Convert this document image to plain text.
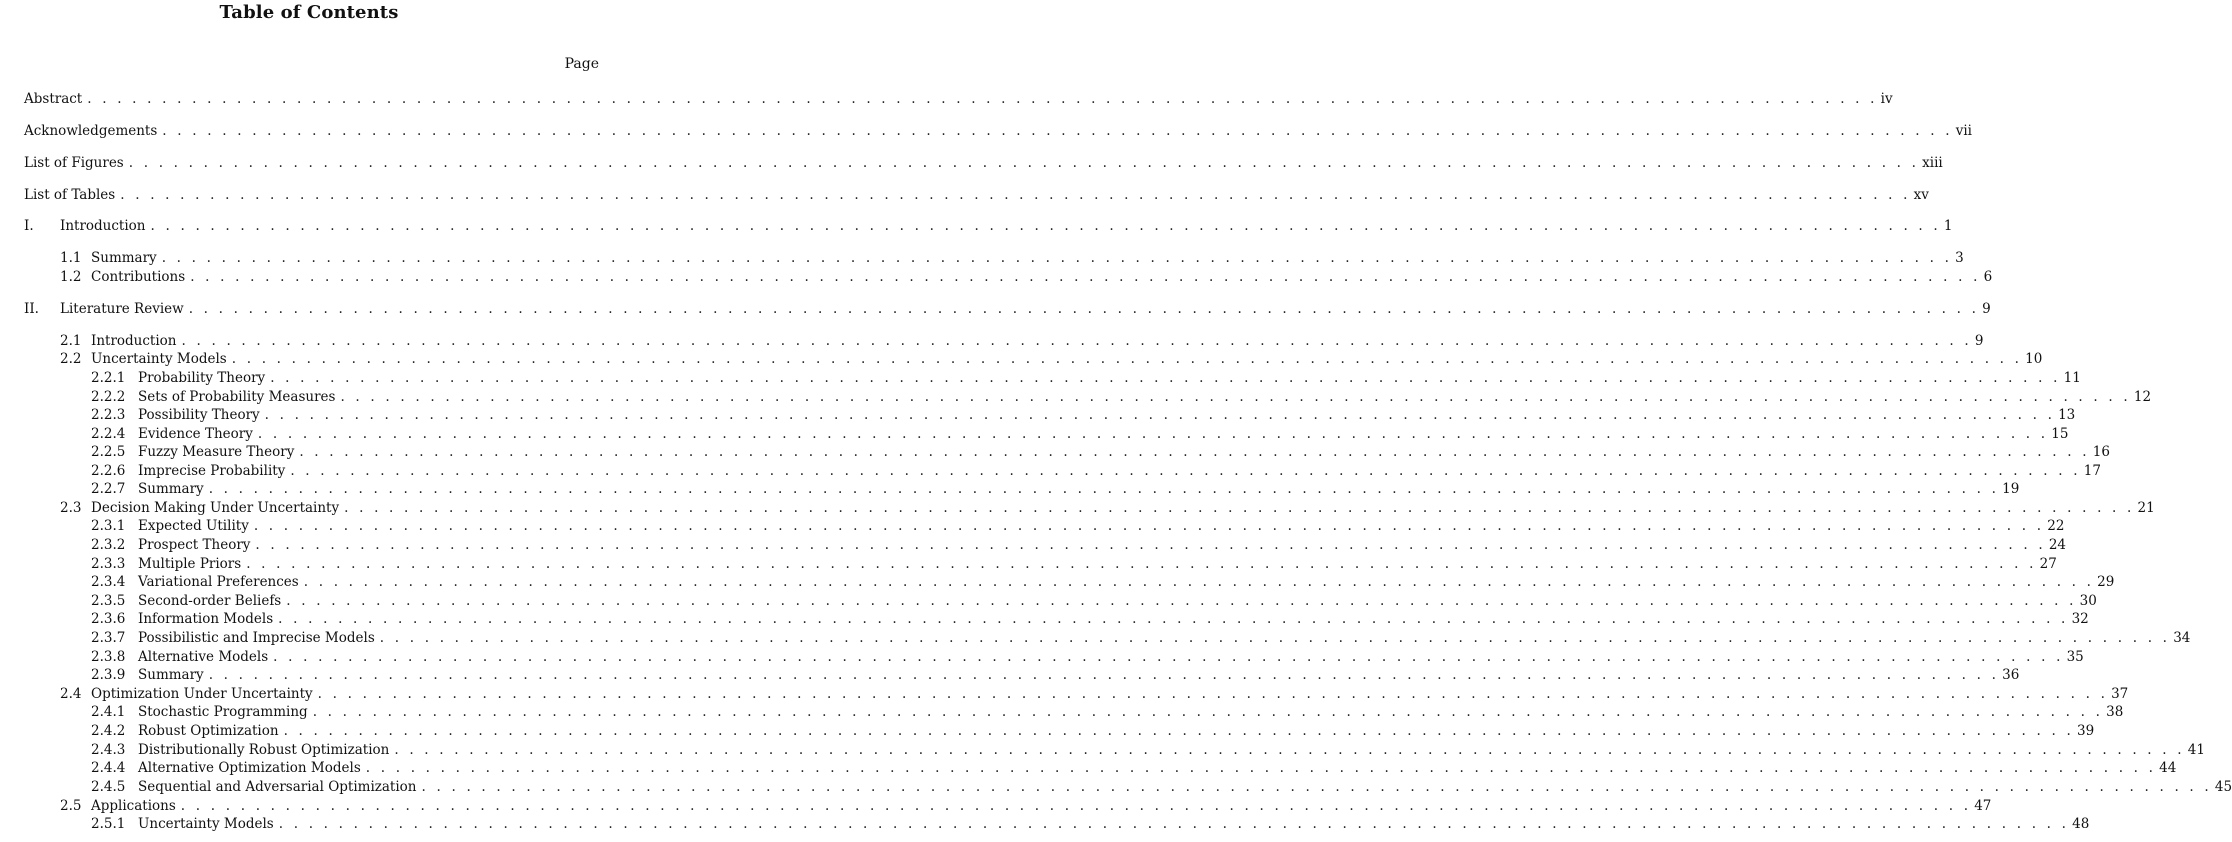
Table of Contents
Page
Abstract . . . . . . . . . . . . . . . . . . . . . . . . . . . . . . . . . . . . . . . . . . . . . . . . . . . . . . . . . . . . . . . . . . . . . . . . . . . . . . . . . . . . . . . . . . . . . . . . . . . . . . . . . . . . . . . . . . . . . . . . iv
Acknowledgements . . . . . . . . . . . . . . . . . . . . . . . . . . . . . . . . . . . . . . . . . . . . . . . . . . . . . . . . . . . . . . . . . . . . . . . . . . . . . . . . . . . . . . . . . . . . . . . . . . . . . . . . . . . . . . . . . . . . . . . . vii
List of Figures . . . . . . . . . . . . . . . . . . . . . . . . . . . . . . . . . . . . . . . . . . . . . . . . . . . . . . . . . . . . . . . . . . . . . . . . . . . . . . . . . . . . . . . . . . . . . . . . . . . . . . . . . . . . . . . . . . . . . . . . xiii
List of Tables . . . . . . . . . . . . . . . . . . . . . . . . . . . . . . . . . . . . . . . . . . . . . . . . . . . . . . . . . . . . . . . . . . . . . . . . . . . . . . . . . . . . . . . . . . . . . . . . . . . . . . . . . . . . . . . . . . . . . . . . xv
I. Introduction . . . . . . . . . . . . . . . . . . . . . . . . . . . . . . . . . . . . . . . . . . . . . . . . . . . . . . . . . . . . . . . . . . . . . . . . . . . . . . . . . . . . . . . . . . . . . . . . . . . . . . . . . . . . . . . . . . . . . . . . 1
1.1 Summary . . . . . . . . . . . . . . . . . . . . . . . . . . . . . . . . . . . . . . . . . . . . . . . . . . . . . . . . . . . . . . . . . . . . . . . . . . . . . . . . . . . . . . . . . . . . . . . . . . . . . . . . . . . . . . . . . . . . . . . . 3
1.2 Contributions . . . . . . . . . . . . . . . . . . . . . . . . . . . . . . . . . . . . . . . . . . . . . . . . . . . . . . . . . . . . . . . . . . . . . . . . . . . . . . . . . . . . . . . . . . . . . . . . . . . . . . . . . . . . . . . . . . . . . . . . 6
II. Literature Review . . . . . . . . . . . . . . . . . . . . . . . . . . . . . . . . . . . . . . . . . . . . . . . . . . . . . . . . . . . . . . . . . . . . . . . . . . . . . . . . . . . . . . . . . . . . . . . . . . . . . . . . . . . . . . . . . . . . . . . . 9
2.1 Introduction . . . . . . . . . . . . . . . . . . . . . . . . . . . . . . . . . . . . . . . . . . . . . . . . . . . . . . . . . . . . . . . . . . . . . . . . . . . . . . . . . . . . . . . . . . . . . . . . . . . . . . . . . . . . . . . . . . . . . . . . 9
2.2 Uncertainty Models . . . . . . . . . . . . . . . . . . . . . . . . . . . . . . . . . . . . . . . . . . . . . . . . . . . . . . . . . . . . . . . . . . . . . . . . . . . . . . . . . . . . . . . . . . . . . . . . . . . . . . . . . . . . . . . . . . . . . . . . 10
2.2.1 Probability Theory . . . . . . . . . . . . . . . . . . . . . . . . . . . . . . . . . . . . . . . . . . . . . . . . . . . . . . . . . . . . . . . . . . . . . . . . . . . . . . . . . . . . . . . . . . . . . . . . . . . . . . . . . . . . . . . . . . . . . . . . 11
2.2.2 Sets of Probability Measures . . . . . . . . . . . . . . . . . . . . . . . . . . . . . . . . . . . . . . . . . . . . . . . . . . . . . . . . . . . . . . . . . . . . . . . . . . . . . . . . . . . . . . . . . . . . . . . . . . . . . . . . . . . . . . . . . . . . . . . . 12
2.2.3 Possibility Theory . . . . . . . . . . . . . . . . . . . . . . . . . . . . . . . . . . . . . . . . . . . . . . . . . . . . . . . . . . . . . . . . . . . . . . . . . . . . . . . . . . . . . . . . . . . . . . . . . . . . . . . . . . . . . . . . . . . . . . . . 13
2.2.4 Evidence Theory . . . . . . . . . . . . . . . . . . . . . . . . . . . . . . . . . . . . . . . . . . . . . . . . . . . . . . . . . . . . . . . . . . . . . . . . . . . . . . . . . . . . . . . . . . . . . . . . . . . . . . . . . . . . . . . . . . . . . . . . 15
2.2.5 Fuzzy Measure Theory . . . . . . . . . . . . . . . . . . . . . . . . . . . . . . . . . . . . . . . . . . . . . . . . . . . . . . . . . . . . . . . . . . . . . . . . . . . . . . . . . . . . . . . . . . . . . . . . . . . . . . . . . . . . . . . . . . . . . . . . 16
2.2.6 Imprecise Probability . . . . . . . . . . . . . . . . . . . . . . . . . . . . . . . . . . . . . . . . . . . . . . . . . . . . . . . . . . . . . . . . . . . . . . . . . . . . . . . . . . . . . . . . . . . . . . . . . . . . . . . . . . . . . . . . . . . . . . . . 17
2.2.7 Summary . . . . . . . . . . . . . . . . . . . . . . . . . . . . . . . . . . . . . . . . . . . . . . . . . . . . . . . . . . . . . . . . . . . . . . . . . . . . . . . . . . . . . . . . . . . . . . . . . . . . . . . . . . . . . . . . . . . . . . . . 19
2.3 Decision Making Under Uncertainty . . . . . . . . . . . . . . . . . . . . . . . . . . . . . . . . . . . . . . . . . . . . . . . . . . . . . . . . . . . . . . . . . . . . . . . . . . . . . . . . . . . . . . . . . . . . . . . . . . . . . . . . . . . . . . . . . . . . . . . . 21
2.3.1 Expected Utility . . . . . . . . . . . . . . . . . . . . . . . . . . . . . . . . . . . . . . . . . . . . . . . . . . . . . . . . . . . . . . . . . . . . . . . . . . . . . . . . . . . . . . . . . . . . . . . . . . . . . . . . . . . . . . . . . . . . . . . . 22
2.3.2 Prospect Theory . . . . . . . . . . . . . . . . . . . . . . . . . . . . . . . . . . . . . . . . . . . . . . . . . . . . . . . . . . . . . . . . . . . . . . . . . . . . . . . . . . . . . . . . . . . . . . . . . . . . . . . . . . . . . . . . . . . . . . . . 24
2.3.3 Multiple Priors . . . . . . . . . . . . . . . . . . . . . . . . . . . . . . . . . . . . . . . . . . . . . . . . . . . . . . . . . . . . . . . . . . . . . . . . . . . . . . . . . . . . . . . . . . . . . . . . . . . . . . . . . . . . . . . . . . . . . . . . 27
2.3.4 Variational Preferences . . . . . . . . . . . . . . . . . . . . . . . . . . . . . . . . . . . . . . . . . . . . . . . . . . . . . . . . . . . . . . . . . . . . . . . . . . . . . . . . . . . . . . . . . . . . . . . . . . . . . . . . . . . . . . . . . . . . . . . . 29
2.3.5 Second-order Beliefs . . . . . . . . . . . . . . . . . . . . . . . . . . . . . . . . . . . . . . . . . . . . . . . . . . . . . . . . . . . . . . . . . . . . . . . . . . . . . . . . . . . . . . . . . . . . . . . . . . . . . . . . . . . . . . . . . . . . . . . . 30
2.3.6 Information Models . . . . . . . . . . . . . . . . . . . . . . . . . . . . . . . . . . . . . . . . . . . . . . . . . . . . . . . . . . . . . . . . . . . . . . . . . . . . . . . . . . . . . . . . . . . . . . . . . . . . . . . . . . . . . . . . . . . . . . . . 32
2.3.7 Possibilistic and Imprecise Models . . . . . . . . . . . . . . . . . . . . . . . . . . . . . . . . . . . . . . . . . . . . . . . . . . . . . . . . . . . . . . . . . . . . . . . . . . . . . . . . . . . . . . . . . . . . . . . . . . . . . . . . . . . . . . . . . . . . . . . . 34
2.3.8 Alternative Models . . . . . . . . . . . . . . . . . . . . . . . . . . . . . . . . . . . . . . . . . . . . . . . . . . . . . . . . . . . . . . . . . . . . . . . . . . . . . . . . . . . . . . . . . . . . . . . . . . . . . . . . . . . . . . . . . . . . . . . . 35
2.3.9 Summary . . . . . . . . . . . . . . . . . . . . . . . . . . . . . . . . . . . . . . . . . . . . . . . . . . . . . . . . . . . . . . . . . . . . . . . . . . . . . . . . . . . . . . . . . . . . . . . . . . . . . . . . . . . . . . . . . . . . . . . . 36
2.4 Optimization Under Uncertainty . . . . . . . . . . . . . . . . . . . . . . . . . . . . . . . . . . . . . . . . . . . . . . . . . . . . . . . . . . . . . . . . . . . . . . . . . . . . . . . . . . . . . . . . . . . . . . . . . . . . . . . . . . . . . . . . . . . . . . . . 37
2.4.1 Stochastic Programming . . . . . . . . . . . . . . . . . . . . . . . . . . . . . . . . . . . . . . . . . . . . . . . . . . . . . . . . . . . . . . . . . . . . . . . . . . . . . . . . . . . . . . . . . . . . . . . . . . . . . . . . . . . . . . . . . . . . . . . . 38
2.4.2 Robust Optimization . . . . . . . . . . . . . . . . . . . . . . . . . . . . . . . . . . . . . . . . . . . . . . . . . . . . . . . . . . . . . . . . . . . . . . . . . . . . . . . . . . . . . . . . . . . . . . . . . . . . . . . . . . . . . . . . . . . . . . . . 39
2.4.3 Distributionally Robust Optimization . . . . . . . . . . . . . . . . . . . . . . . . . . . . . . . . . . . . . . . . . . . . . . . . . . . . . . . . . . . . . . . . . . . . . . . . . . . . . . . . . . . . . . . . . . . . . . . . . . . . . . . . . . . . . . . . . . . . . . . . 41
2.4.4 Alternative Optimization Models . . . . . . . . . . . . . . . . . . . . . . . . . . . . . . . . . . . . . . . . . . . . . . . . . . . . . . . . . . . . . . . . . . . . . . . . . . . . . . . . . . . . . . . . . . . . . . . . . . . . . . . . . . . . . . . . . . . . . . . . 44
2.4.5 Sequential and Adversarial Optimization . . . . . . . . . . . . . . . . . . . . . . . . . . . . . . . . . . . . . . . . . . . . . . . . . . . . . . . . . . . . . . . . . . . . . . . . . . . . . . . . . . . . . . . . . . . . . . . . . . . . . . . . . . . . . . . . . . . . . . . . 45
2.5 Applications . . . . . . . . . . . . . . . . . . . . . . . . . . . . . . . . . . . . . . . . . . . . . . . . . . . . . . . . . . . . . . . . . . . . . . . . . . . . . . . . . . . . . . . . . . . . . . . . . . . . . . . . . . . . . . . . . . . . . . . . 47
2.5.1 Uncertainty Models . . . . . . . . . . . . . . . . . . . . . . . . . . . . . . . . . . . . . . . . . . . . . . . . . . . . . . . . . . . . . . . . . . . . . . . . . . . . . . . . . . . . . . . . . . . . . . . . . . . . . . . . . . . . . . . . . . . . . . . . 48
